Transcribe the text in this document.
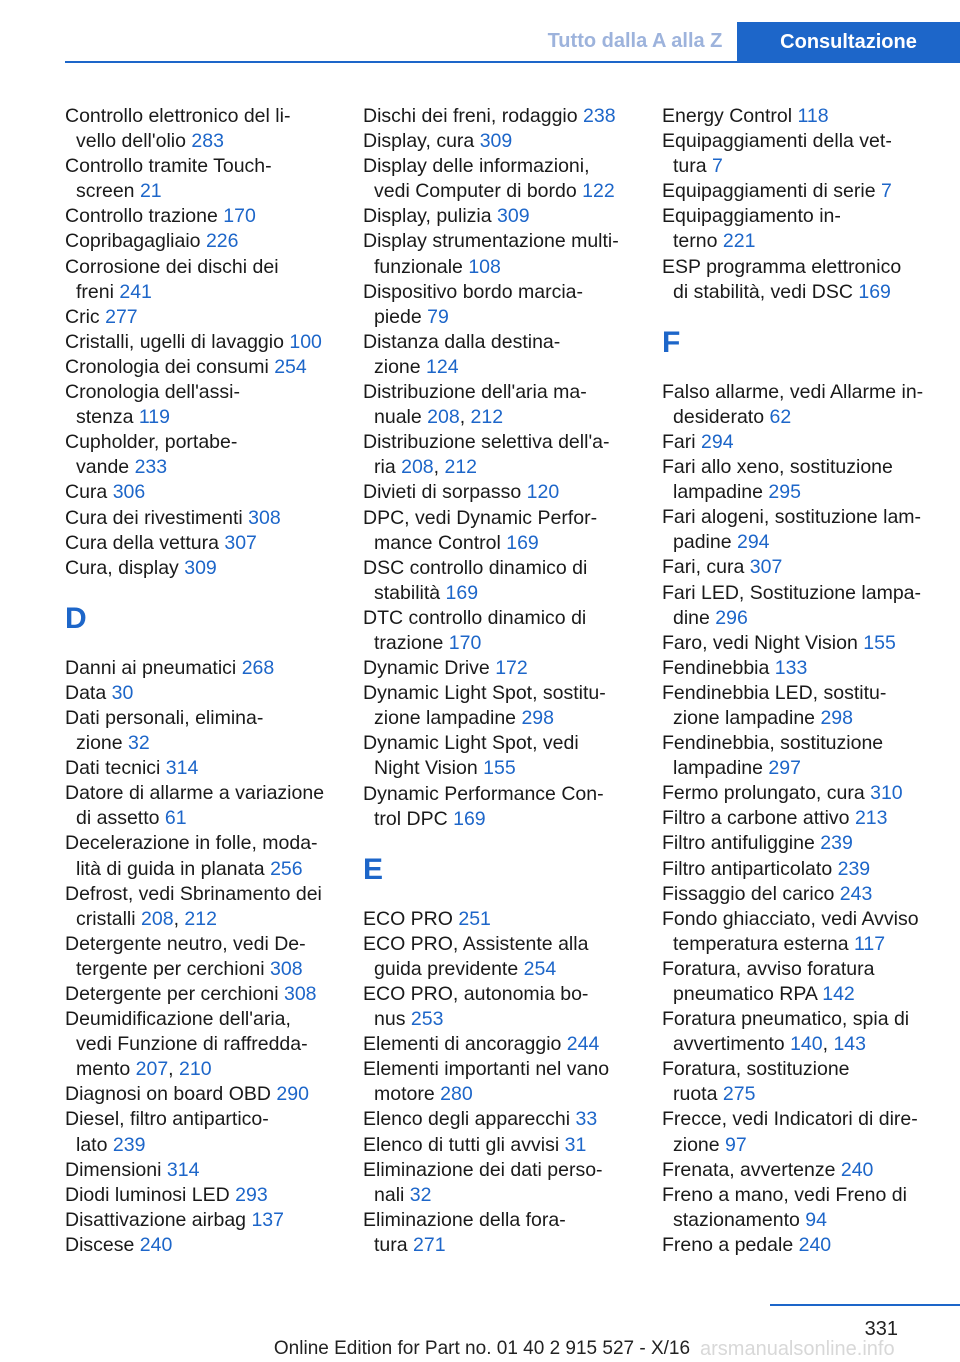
Tutto dalla A alla Z	Consultazione
Controllo elettronico del li-
vello dell'olio 283
Controllo tramite Touch-
screen 21
Controllo trazione 170
Copribagagliaio 226
Corrosione dei dischi dei
freni 241
Cric 277
Cristalli, ugelli di lavaggio 100
Cronologia dei consumi 254
Cronologia dell'assi-
stenza 119
Cupholder, portabe-
vande 233
Cura 306
Cura dei rivestimenti 308
Cura della vettura 307
Cura, display 309
D
Danni ai pneumatici 268
Data 30
Dati personali, elimina-
zione 32
Dati tecnici 314
Datore di allarme a variazione
di assetto 61
Decelerazione in folle, moda-
lità di guida in planata 256
Defrost, vedi Sbrinamento dei
cristalli 208, 212
Detergente neutro, vedi De-
tergente per cerchioni 308
Detergente per cerchioni 308
Deumidificazione dell'aria,
vedi Funzione di raffredda-
mento 207, 210
Diagnosi on board OBD 290
Diesel, filtro antipartico-
lato 239
Dimensioni 314
Diodi luminosi LED 293
Disattivazione airbag 137
Discese 240
Dischi dei freni, rodaggio 238
Display, cura 309
Display delle informazioni,
vedi Computer di bordo 122
Display, pulizia 309
Display strumentazione multi-
funzionale 108
Dispositivo bordo marcia-
piede 79
Distanza dalla destina-
zione 124
Distribuzione dell'aria ma-
nuale 208, 212
Distribuzione selettiva dell'a-
ria 208, 212
Divieti di sorpasso 120
DPC, vedi Dynamic Perfor-
mance Control 169
DSC controllo dinamico di
stabilità 169
DTC controllo dinamico di
trazione 170
Dynamic Drive 172
Dynamic Light Spot, sostitu-
zione lampadine 298
Dynamic Light Spot, vedi
Night Vision 155
Dynamic Performance Con-
trol DPC 169
E
ECO PRO 251
ECO PRO, Assistente alla
guida previdente 254
ECO PRO, autonomia bo-
nus 253
Elementi di ancoraggio 244
Elementi importanti nel vano
motore 280
Elenco degli apparecchi 33
Elenco di tutti gli avvisi 31
Eliminazione dei dati perso-
nali 32
Eliminazione della fora-
tura 271
Energy Control 118
Equipaggiamenti della vet-
tura 7
Equipaggiamenti di serie 7
Equipaggiamento in-
terno 221
ESP programma elettronico
di stabilità, vedi DSC 169
F
Falso allarme, vedi Allarme in-
desiderato 62
Fari 294
Fari allo xeno, sostituzione
lampadine 295
Fari alogeni, sostituzione lam-
padine 294
Fari, cura 307
Fari LED, Sostituzione lampa-
dine 296
Faro, vedi Night Vision 155
Fendinebbia 133
Fendinebbia LED, sostitu-
zione lampadine 298
Fendinebbia, sostituzione
lampadine 297
Fermo prolungato, cura 310
Filtro a carbone attivo 213
Filtro antifuliggine 239
Filtro antiparticolato 239
Fissaggio del carico 243
Fondo ghiacciato, vedi Avviso
temperatura esterna 117
Foratura, avviso foratura
pneumatico RPA 142
Foratura pneumatico, spia di
avvertimento 140, 143
Foratura, sostituzione
ruota 275
Frecce, vedi Indicatori di dire-
zione 97
Frenata, avvertenze 240
Freno a mano, vedi Freno di
stazionamento 94
Freno a pedale 240
331
Online Edition for Part no. 01 40 2 915 527 - X/16 arsmanualsonline.info
